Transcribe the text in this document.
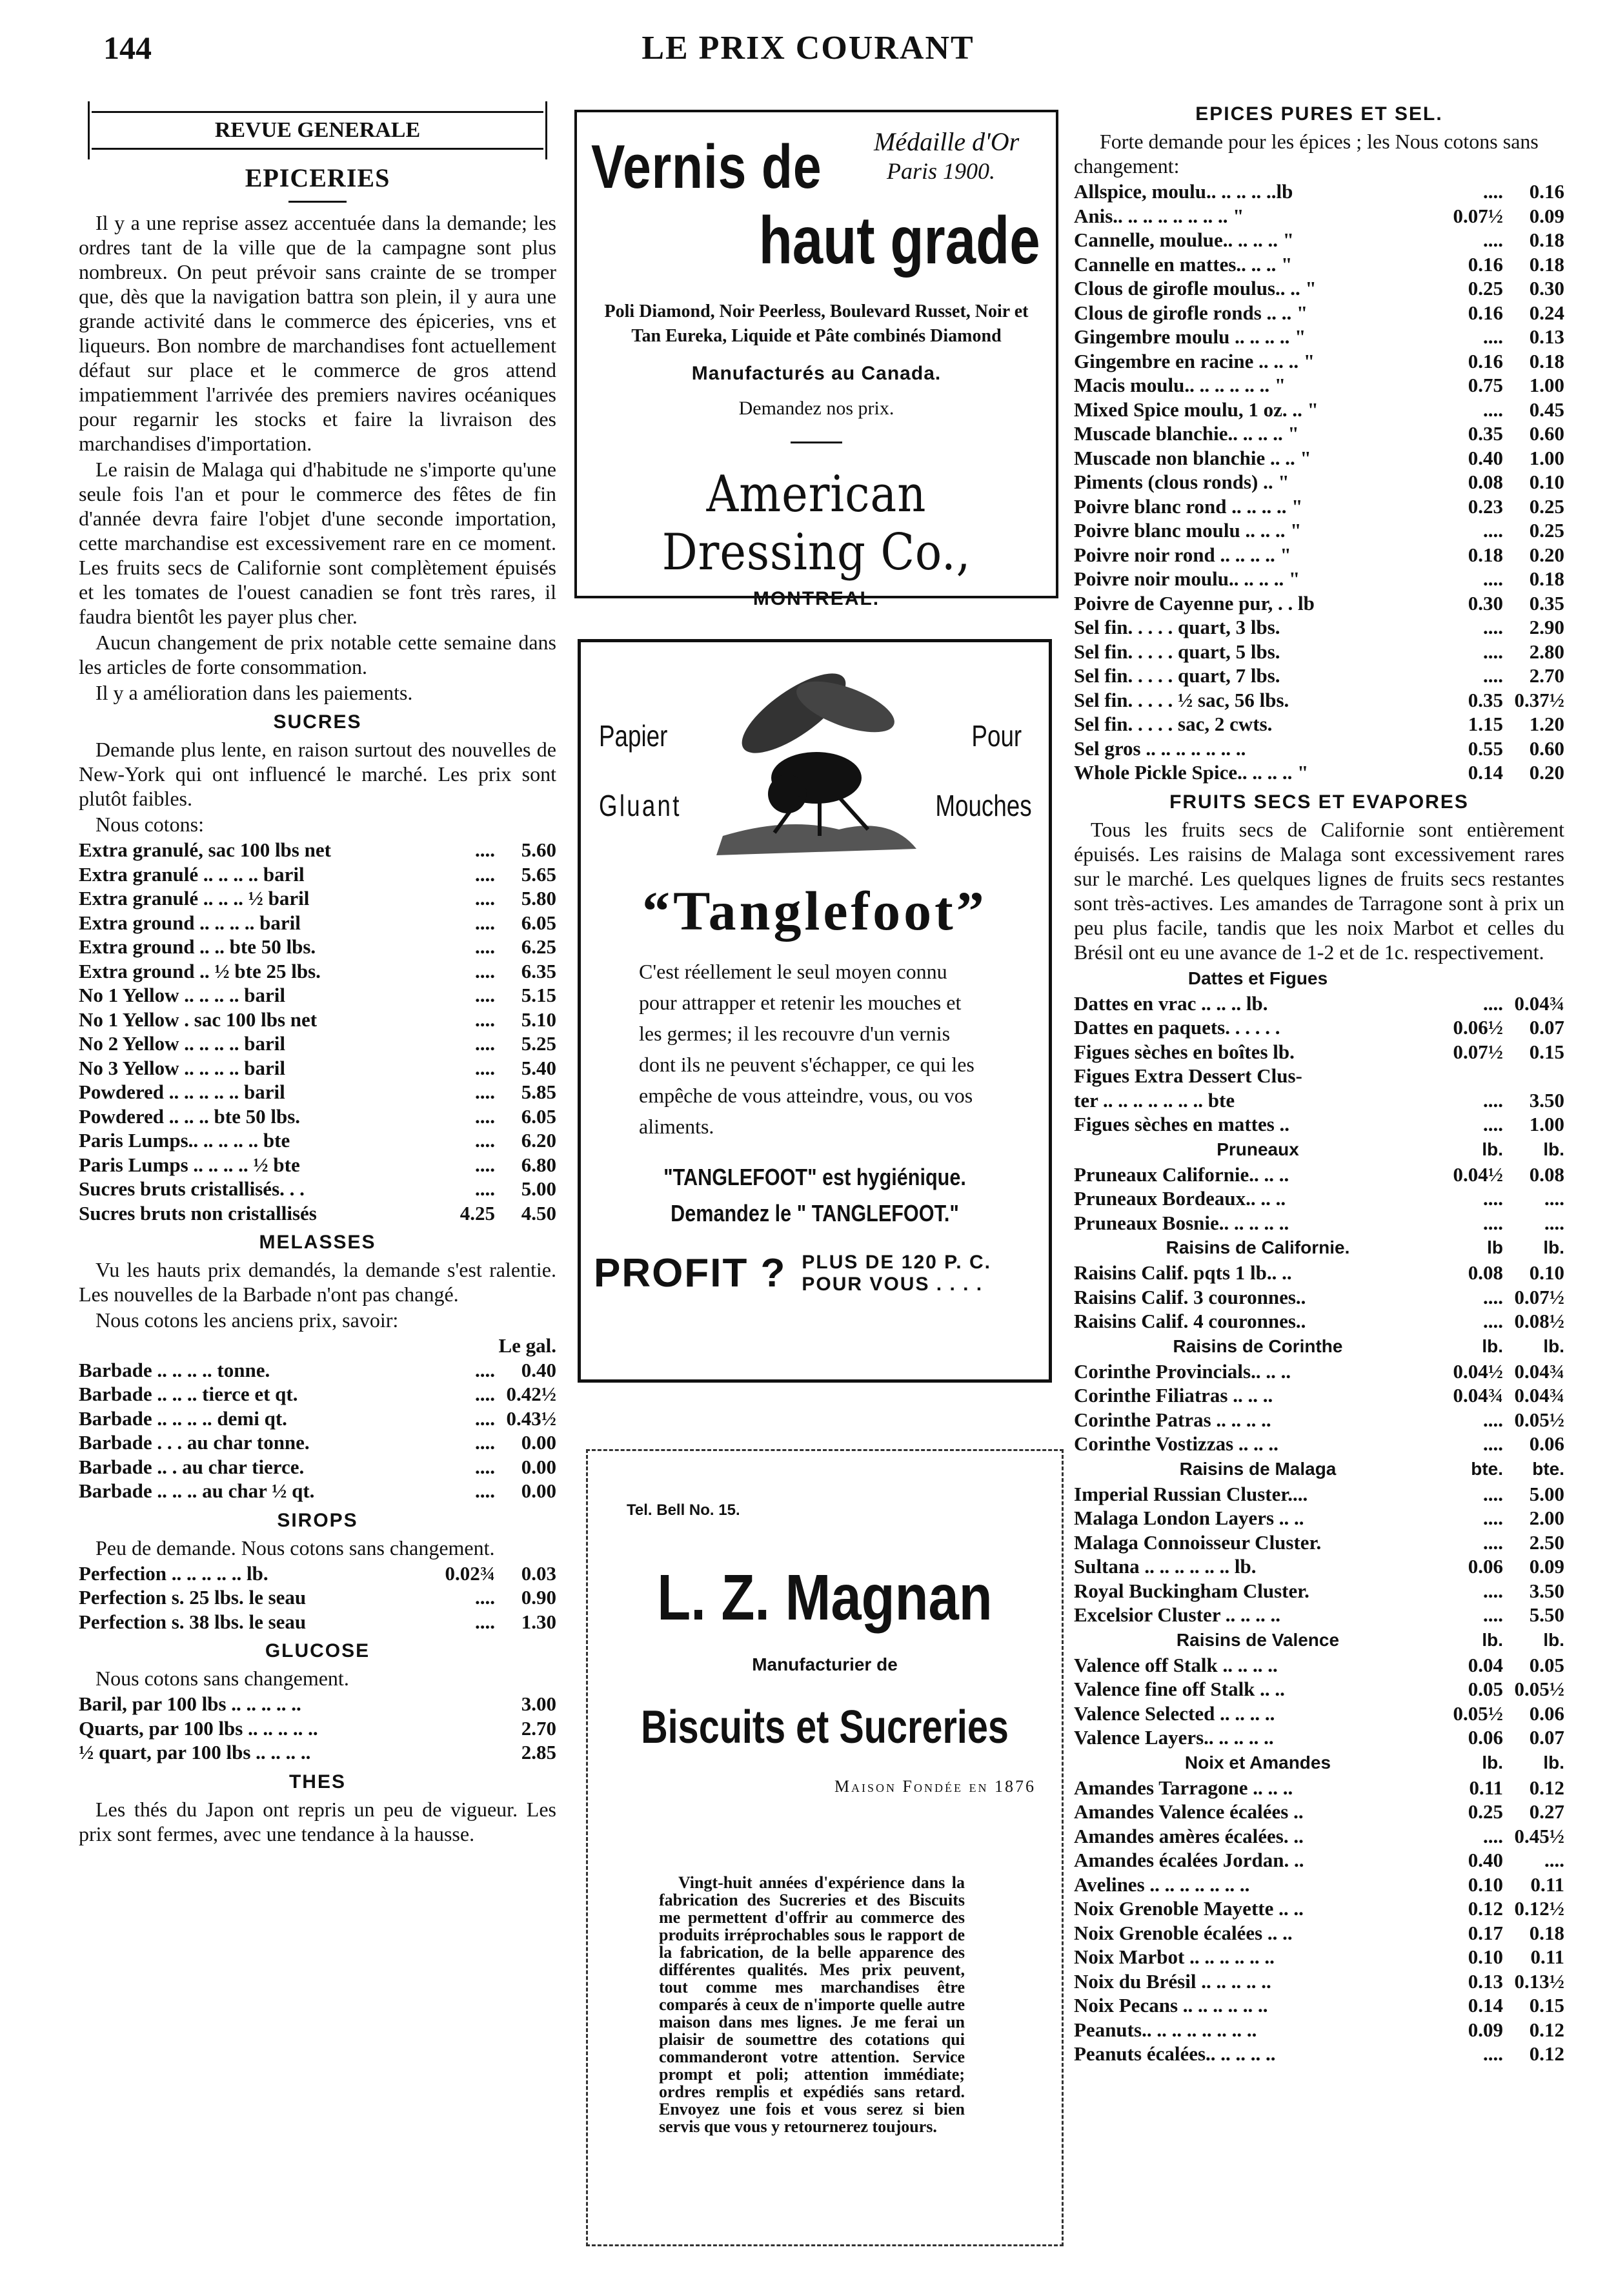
144	LE PRIX COURANT
REVUE GENERALE
EPICERIES
Il y a une reprise assez accentuée dans la demande; les ordres tant de la ville que de la campagne sont plus nombreux. On peut prévoir sans crainte de se tromper que, dès que la navigation battra son plein, il y aura une grande activité dans le commerce des épiceries, vns et liqueurs. Bon nombre de marchandises font actuellement défaut sur place et le commerce de gros attend impatiemment l'arrivée des premiers navires océaniques pour regarnir les stocks et faire la livraison des marchandises d'importation.
Le raisin de Malaga qui d'habitude ne s'importe qu'une seule fois l'an et pour le commerce des fêtes de fin d'année devra faire l'objet d'une seconde importation, cette marchandise est excessivement rare en ce moment. Les fruits secs de Californie sont complètement épuisés et les tomates de l'ouest canadien se font très rares, il faudra bientôt les payer plus cher.
Aucun changement de prix notable cette semaine dans les articles de forte consommation.
Il y a amélioration dans les paiements.
SUCRES
Demande plus lente, en raison surtout des nouvelles de New-York qui ont influencé le marché. Les prix sont plutôt faibles.
Nous cotons:
Extra granulé, sac 100 lbs net	....	5.60
Extra granulé .. .. .. .. baril	....	5.65
Extra granulé .. .. .. ½ baril	....	5.80
Extra ground .. .. .. .. baril	....	6.05
Extra ground .. .. bte 50 lbs.	....	6.25
Extra ground .. ½ bte 25 lbs.	....	6.35
No 1 Yellow .. .. .. .. baril	....	5.15
No 1 Yellow . sac 100 lbs net	....	5.10
No 2 Yellow .. .. .. .. baril	....	5.25
No 3 Yellow .. .. .. .. baril	....	5.40
Powdered .. .. .. .. .. baril	....	5.85
Powdered .. .. .. bte 50 lbs.	....	6.05
Paris Lumps.. .. .. .. .. bte	....	6.20
Paris Lumps .. .. .. .. ½ bte	....	6.80
Sucres bruts cristallisés. . .	....	5.00
Sucres bruts non cristallisés	4.25	4.50
MELASSES
Vu les hauts prix demandés, la demande s'est ralentie. Les nouvelles de la Barbade n'ont pas changé.
Nous cotons les anciens prix, savoir:
Le gal.
Barbade .. .. .. .. tonne.	....	0.40
Barbade .. .. .. tierce et qt.	.... 0.42½
Barbade .. .. .. .. demi qt.	.... 0.43½
Barbade . . . au char tonne.	....	0.00
Barbade .. . au char tierce.	....	0.00
Barbade .. .. .. au char ½ qt.	....	0.00
SIROPS
Peu de demande. Nous cotons sans changement.
Perfection .. .. .. .. .. lb.	0.02¾	0.03
Perfection s. 25 lbs. le seau	....	0.90
Perfection s. 38 lbs. le seau	....	1.30
GLUCOSE
Nous cotons sans changement.
Baril, par 100 lbs .. .. .. .. ..	3.00
Quarts, par 100 lbs .. .. .. .. ..	2.70
½ quart, par 100 lbs .. .. .. ..	2.85
THES
Les thés du Japon ont repris un peu de vigueur. Les prix sont fermes, avec une tendance à la hausse.
Vernis de Médaille d'Or
Paris 1900.
haut grade
Poli Diamond, Noir Peerless, Boulevard Russet, Noir et Tan Eureka, Liquide et Pâte combinés Diamond
Manufacturés au Canada.
Demandez nos prix.
American Dressing Co.,
MONTREAL.
Papier
Gluant
Pour
Mouches
“Tanglefoot”
C'est réellement le seul moyen connu pour attrapper et retenir les mouches et les germes; il les recouvre d'un vernis dont ils ne peuvent s'échapper, ce qui les empêche de vous atteindre, vous, ou vos aliments.
"TANGLEFOOT" est hygiénique.
Demandez le " TANGLEFOOT."
PROFIT ? PLUS DE 120 P. C.
POUR VOUS . . . .
Tel. Bell No. 15.
L. Z. Magnan
Manufacturier de
Biscuits et Sucreries
Maison Fondée en 1876
Vingt-huit années d'expérience dans la fabrication des Sucreries et des Biscuits me permettent d'offrir au commerce des produits irréprochables sous le rapport de la fabrication, de la belle apparence des différentes qualités. Mes prix peuvent, tout comme mes marchandises être comparés à ceux de n'importe quelle autre maison dans mes lignes. Je me ferai un plaisir de soumettre des cotations qui commanderont votre attention. Service prompt et poli; attention immédiate; ordres remplis et expédiés sans retard. Envoyez une fois et vous serez si bien servis que vous y retournerez toujours.
EPICES PURES ET SEL.
Forte demande pour les épices ; les Nous cotons sans changement:
Allspice, moulu.. .. .. .. ..lb	....	0.16
Anis.. .. .. .. .. .. .. .. "	0.07½	0.09
Cannelle, moulue.. .. .. .. "	....	0.18
Cannelle en mattes.. .. .. "	0.16	0.18
Clous de girofle moulus.. .. "	0.25	0.30
Clous de girofle ronds .. .. "	0.16	0.24
Gingembre moulu .. .. .. .. "	....	0.13
Gingembre en racine .. .. .. "	0.16	0.18
Macis moulu.. .. .. .. .. .. "	0.75	1.00
Mixed Spice moulu, 1 oz. .. "	....	0.45
Muscade blanchie.. .. .. .. "	0.35	0.60
Muscade non blanchie .. .. "	0.40	1.00
Piments (clous ronds) .. "	0.08	0.10
Poivre blanc rond .. .. .. .. "	0.23	0.25
Poivre blanc moulu .. .. .. "	....	0.25
Poivre noir rond .. .. .. .. "	0.18	0.20
Poivre noir moulu.. .. .. .. "	....	0.18
Poivre de Cayenne pur, . . lb	0.30	0.35
Sel fin. . . . . quart, 3 lbs.	....	2.90
Sel fin. . . . . quart, 5 lbs.	....	2.80
Sel fin. . . . . quart, 7 lbs.	....	2.70
Sel fin. . . . . ½ sac, 56 lbs.	0.35 0.37½
Sel fin. . . . . sac, 2 cwts.	1.15	1.20
Sel gros .. .. .. .. .. .. ..	0.55	0.60
Whole Pickle Spice.. .. .. .. "	0.14	0.20
FRUITS SECS ET EVAPORES
Tous les fruits secs de Californie sont entièrement épuisés. Les raisins de Malaga sont excessivement rares sur le marché. Les quelques lignes de fruits secs restantes sont très-actives. Les amandes de Tarragone sont à prix un peu plus facile, tandis que les noix Marbot et celles du Brésil ont eu une avance de 1-2 et de 1c. respectivement.
Dattes et Figues
Dattes en vrac .. .. .. lb.	.... 0.04¾
Dattes en paquets. . . . . .	0.06½	0.07
Figues sèches en boîtes lb.	0.07½	0.15
Figues Extra Dessert Clus-
ter .. .. .. .. .. .. .. bte	....	3.50
Figues sèches en mattes ..	....	1.00
Pruneaux	lb.	lb.
Pruneaux Californie.. .. ..	0.04½	0.08
Pruneaux Bordeaux.. .. ..	....	....
Pruneaux Bosnie.. .. .. .. ..	....	....
Raisins de Californie.	lb	lb.
Raisins Calif. pqts 1 lb.. ..	0.08	0.10
Raisins Calif. 3 couronnes..	.... 0.07½
Raisins Calif. 4 couronnes..	.... 0.08½
Raisins de Corinthe	lb.	lb.
Corinthe Provincials.. .. ..	0.04½ 0.04¾
Corinthe Filiatras .. .. ..	0.04¾ 0.04¾
Corinthe Patras .. .. .. ..	.... 0.05½
Corinthe Vostizzas .. .. ..	....	0.06
Raisins de Malaga	bte.	bte.
Imperial Russian Cluster....	....	5.00
Malaga London Layers .. ..	....	2.00
Malaga Connoisseur Cluster.	....	2.50
Sultana .. .. .. .. .. .. lb.	0.06	0.09
Royal Buckingham Cluster.	....	3.50
Excelsior Cluster .. .. .. ..	....	5.50
Raisins de Valence	lb.	lb.
Valence off Stalk .. .. .. ..	0.04	0.05
Valence fine off Stalk .. ..	0.05 0.05½
Valence Selected .. .. .. ..	0.05½	0.06
Valence Layers.. .. .. .. ..	0.06	0.07
Noix et Amandes	lb.	lb.
Amandes Tarragone .. .. ..	0.11	0.12
Amandes Valence écalées ..	0.25	0.27
Amandes amères écalées. ..	.... 0.45½
Amandes écalées Jordan. ..	0.40	....
Avelines .. .. .. .. .. .. ..	0.10	0.11
Noix Grenoble Mayette .. ..	0.12 0.12½
Noix Grenoble écalées .. ..	0.17	0.18
Noix Marbot .. .. .. .. .. ..	0.10	0.11
Noix du Brésil .. .. .. .. ..	0.13 0.13½
Noix Pecans .. .. .. .. .. ..	0.14	0.15
Peanuts.. .. .. .. .. .. .. ..	0.09	0.12
Peanuts écalées.. .. .. .. ..	....	0.12
